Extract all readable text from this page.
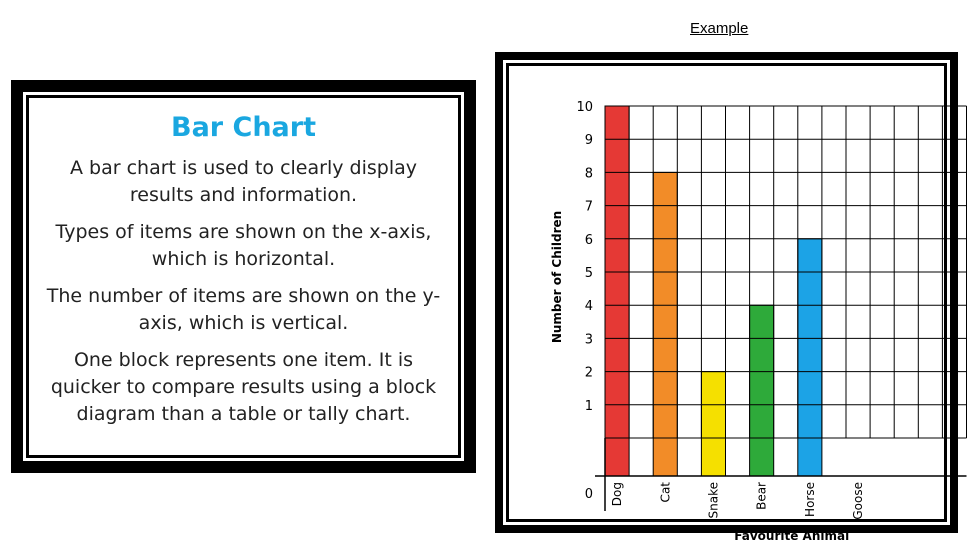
Bar Chart

A bar chart is used to clearly display results and information.

Types of items are shown on the x-axis, which is horizontal.

The number of items are shown on the y-axis, which is vertical.

One block represents one item. It is quicker to compare results using a block diagram than a table or tally chart.

Example
0
1
2
3
4
5
6
7
8
9
10
Dog	Cat	Snake	Bear	Horse	Goose
Favourite Animal
Number of Children
